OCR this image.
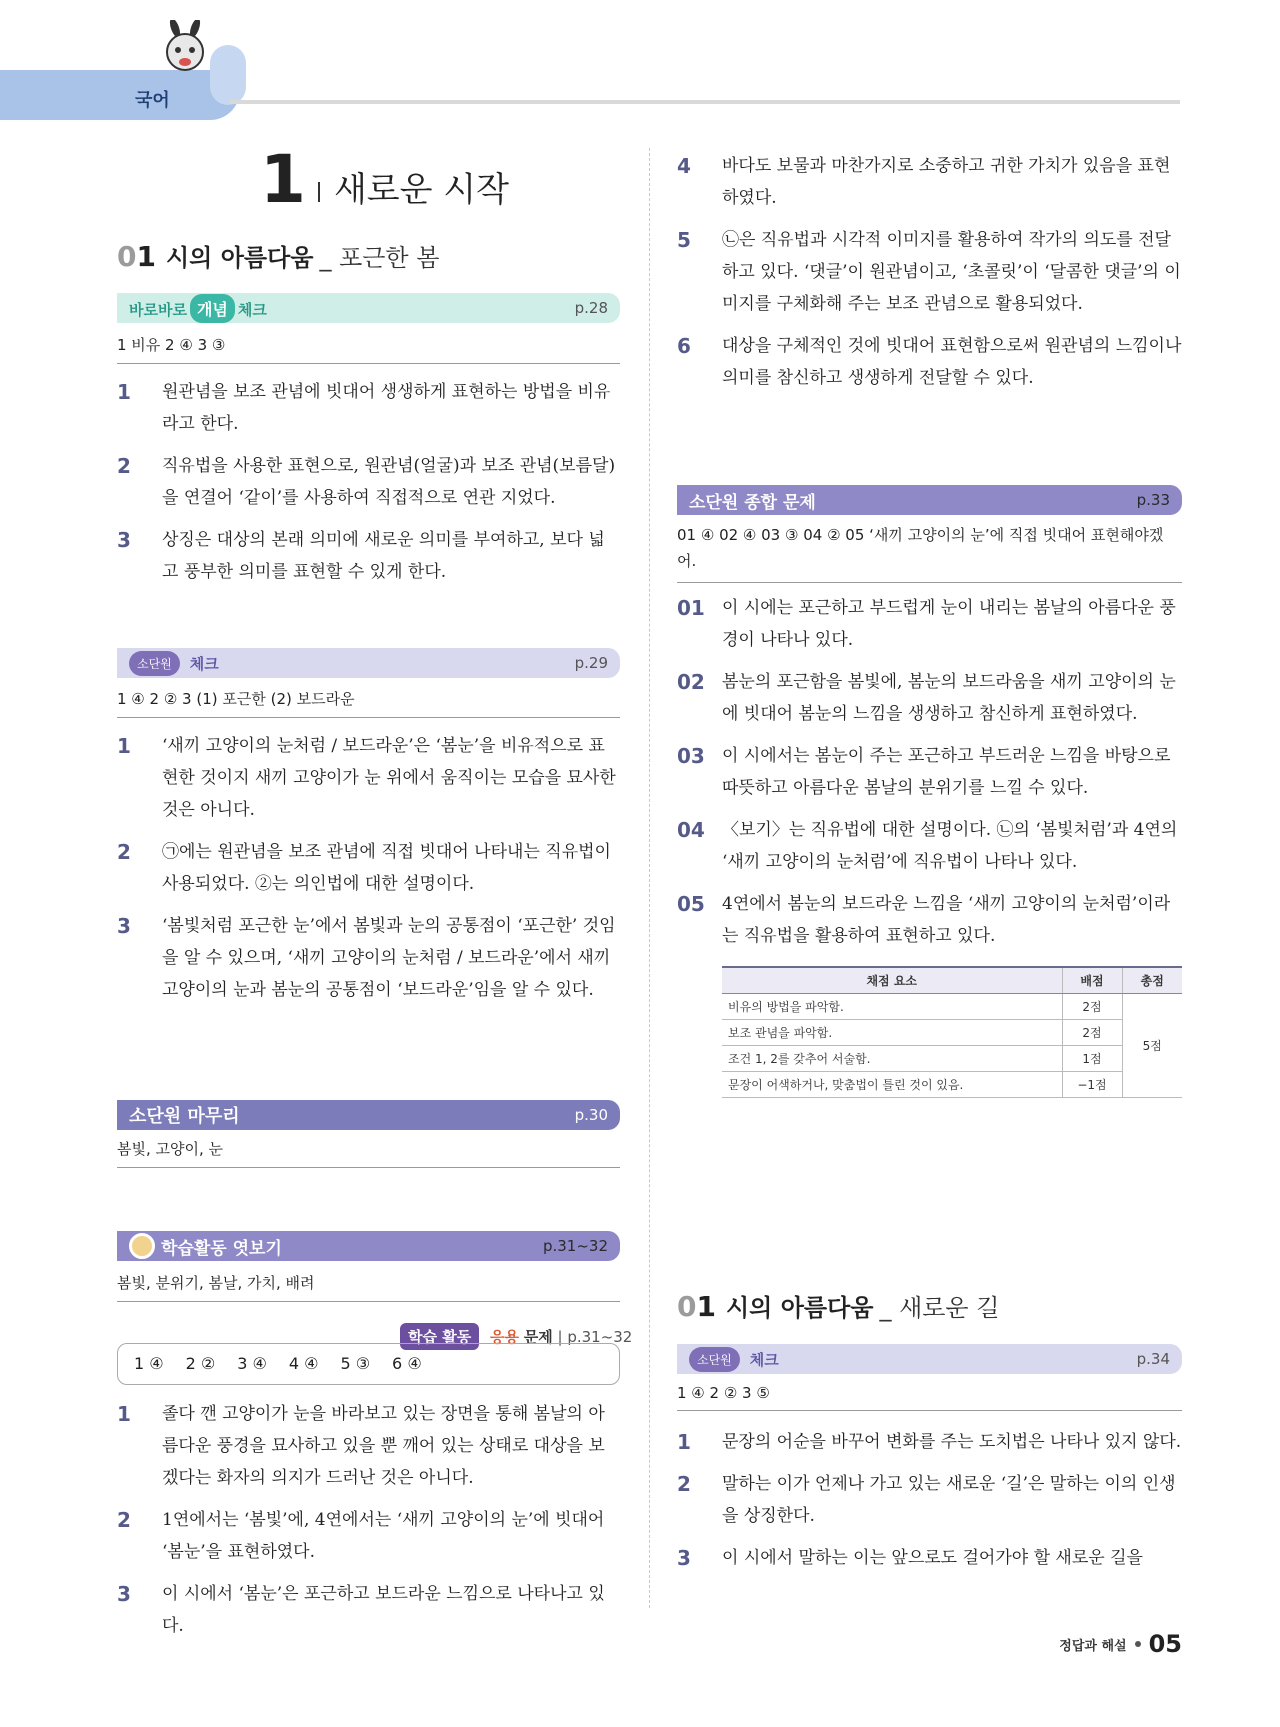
국어
1 새로운 시작
01 시의 아름다움 _ 포근한 봄
바로바로 개념 체크	p.28
1 비유 2 ④ 3 ③
1	원관념을 보조 관념에 빗대어 생생하게 표현하는 방법을 비유라고 한다.
2	직유법을 사용한 표현으로, 원관념(얼굴)과 보조 관념(보름달)을 연결어 ‘같이’를 사용하여 직접적으로 연관 지었다.
3	상징은 대상의 본래 의미에 새로운 의미를 부여하고, 보다 넓고 풍부한 의미를 표현할 수 있게 한다.
소단원	체크	p.29
1 ④ 2 ② 3 (1) 포근한 (2) 보드라운
1	‘새끼 고양이의 눈처럼 / 보드라운’은 ‘봄눈’을 비유적으로 표현한 것이지 새끼 고양이가 눈 위에서 움직이는 모습을 묘사한 것은 아니다.
2	㉠에는 원관념을 보조 관념에 직접 빗대어 나타내는 직유법이 사용되었다. ②는 의인법에 대한 설명이다.
3	‘봄빛처럼 포근한 눈’에서 봄빛과 눈의 공통점이 ‘포근한’ 것임을 알 수 있으며, ‘새끼 고양이의 눈처럼 / 보드라운’에서 새끼 고양이의 눈과 봄눈의 공통점이 ‘보드라운’임을 알 수 있다.
소단원 마무리	p.30
봄빛, 고양이, 눈
학습활동 엿보기	p.31~32
봄빛, 분위기, 봄날, 가치, 배려
학습 활동 응용 문제 | p.31~32
1 ④ 2 ② 3 ④ 4 ④ 5 ③ 6 ④
1	졸다 깬 고양이가 눈을 바라보고 있는 장면을 통해 봄날의 아름다운 풍경을 묘사하고 있을 뿐 깨어 있는 상태로 대상을 보겠다는 화자의 의지가 드러난 것은 아니다.
2	1연에서는 ‘봄빛’에, 4연에서는 ‘새끼 고양이의 눈’에 빗대어 ‘봄눈’을 표현하였다.
3	이 시에서 ‘봄눈’은 포근하고 보드라운 느낌으로 나타나고 있다.
4	바다도 보물과 마찬가지로 소중하고 귀한 가치가 있음을 표현하였다.
5	㉡은 직유법과 시각적 이미지를 활용하여 작가의 의도를 전달하고 있다. ‘댓글’이 원관념이고, ‘초콜릿’이 ‘달콤한 댓글’의 이미지를 구체화해 주는 보조 관념으로 활용되었다.
6	대상을 구체적인 것에 빗대어 표현함으로써 원관념의 느낌이나 의미를 참신하고 생생하게 전달할 수 있다.
소단원 종합 문제	p.33
01 ④ 02 ④ 03 ③ 04 ② 05 ‘새끼 고양이의 눈’에 직접 빗대어 표현해야겠어.
01	이 시에는 포근하고 부드럽게 눈이 내리는 봄날의 아름다운 풍경이 나타나 있다.
02	봄눈의 포근함을 봄빛에, 봄눈의 보드라움을 새끼 고양이의 눈에 빗대어 봄눈의 느낌을 생생하고 참신하게 표현하였다.
03	이 시에서는 봄눈이 주는 포근하고 부드러운 느낌을 바탕으로 따뜻하고 아름다운 봄날의 분위기를 느낄 수 있다.
04	〈보기〉는 직유법에 대한 설명이다. ㉡의 ‘봄빛처럼’과 4연의 ‘새끼 고양이의 눈처럼’에 직유법이 나타나 있다.
05	4연에서 봄눈의 보드라운 느낌을 ‘새끼 고양이의 눈처럼’이라는 직유법을 활용하여 표현하고 있다.
채점 요소	배점	총점
비유의 방법을 파악함.	2점	5점
보조 관념을 파악함.	2점	
조건 1, 2를 갖추어 서술함.	1점	
문장이 어색하거나, 맞춤법이 틀린 것이 있음.	−1점	
01 시의 아름다움 _ 새로운 길
소단원	체크	p.34
1 ④ 2 ② 3 ⑤
1	문장의 어순을 바꾸어 변화를 주는 도치법은 나타나 있지 않다.
2	말하는 이가 언제나 가고 있는 새로운 ‘길’은 말하는 이의 인생을 상징한다.
3	이 시에서 말하는 이는 앞으로도 걸어가야 할 새로운 길을
정답과 해설 05
